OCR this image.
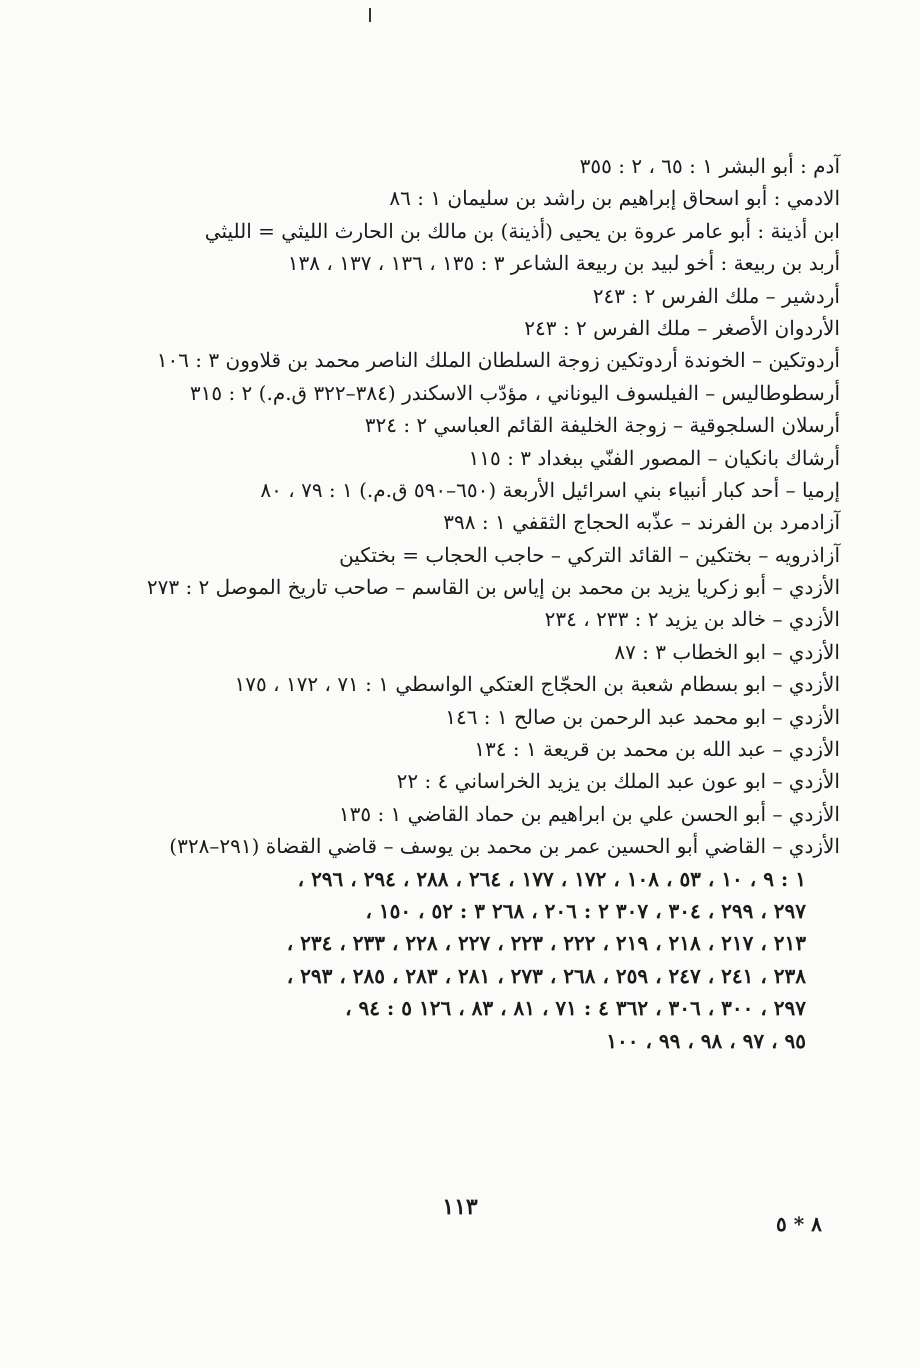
آدم : أبو البشر ١ : ٦٥ ، ٢ : ٣٥٥
الادمي : أبو اسحاق إبراهيم بن راشد بن سليمان ١ : ٨٦
ابن أذينة : أبو عامر عروة بن يحيى (أذينة) بن مالك بن الحارث الليثي = الليثي
أربد بن ربيعة : أخو لبيد بن ربيعة الشاعر ٣ : ١٣٥ ، ١٣٦ ، ١٣٧ ، ١٣٨
أردشير – ملك الفرس ٢ : ٢٤٣
الأردوان الأصغر – ملك الفرس ٢ : ٢٤٣
أردوتكين – الخوندة أردوتكين زوجة السلطان الملك الناصر محمد بن قلاوون ٣ : ١٠٦
أرسطوطاليس – الفيلسوف اليوناني ، مؤدّب الاسكندر (٣٨٤–٣٢٢ ق.م.) ٢ : ٣١٥
أرسلان السلجوقية – زوجة الخليفة القائم العباسي ٢ : ٣٢٤
أرشاك بانكيان – المصور الفنّي ببغداد ٣ : ١١٥
إرميا – أحد كبار أنبياء بني اسرائيل الأربعة (٦٥٠–٥٩٠ ق.م.) ١ : ٧٩ ، ٨٠
آزادمرد بن الفرند – عذّبه الحجاج الثقفي ١ : ٣٩٨
آزاذرويه – بختكين – القائد التركي – حاجب الحجاب = بختكين
الأزدي – أبو زكريا يزيد بن محمد بن إياس بن القاسم – صاحب تاريخ الموصل ٢ : ٢٧٣
الأزدي – خالد بن يزيد ٢ : ٢٣٣ ، ٢٣٤
الأزدي – ابو الخطاب ٣ : ٨٧
الأزدي – ابو بسطام شعبة بن الحجّاج العتكي الواسطي ١ : ٧١ ، ١٧٢ ، ١٧٥
الأزدي – ابو محمد عبد الرحمن بن صالح ١ : ١٤٦
الأزدي – عبد الله بن محمد بن قريعة ١ : ١٣٤
الأزدي – ابو عون عبد الملك بن يزيد الخراساني ٤ : ٢٢
الأزدي – أبو الحسن علي بن ابراهيم بن حماد القاضي ١ : ١٣٥
الأزدي – القاضي أبو الحسين عمر بن محمد بن يوسف – قاضي القضاة (٢٩١–٣٢٨)
١ : ٩ ، ١٠ ، ٥٣ ، ١٠٨ ، ١٧٢ ، ١٧٧ ، ٢٦٤ ، ٢٨٨ ، ٢٩٤ ، ٢٩٦ ،
٢٩٧ ، ٢٩٩ ، ٣٠٤ ، ٣٠٧ ٢ : ٢٠٦ ، ٢٦٨ ٣ : ٥٢ ، ١٥٠ ،
٢١٣ ، ٢١٧ ، ٢١٨ ، ٢١٩ ، ٢٢٢ ، ٢٢٣ ، ٢٢٧ ، ٢٢٨ ، ٢٣٣ ، ٢٣٤ ،
٢٣٨ ، ٢٤١ ، ٢٤٧ ، ٢٥٩ ، ٢٦٨ ، ٢٧٣ ، ٢٨١ ، ٢٨٣ ، ٢٨٥ ، ٢٩٣ ،
٢٩٧ ، ٣٠٠ ، ٣٠٦ ، ٣٦٢ ٤ : ٧١ ، ٨١ ، ٨٣ ، ١٢٦ ٥ : ٩٤ ،
٩٥ ، ٩٧ ، ٩٨ ، ٩٩ ، ١٠٠
١١٣
٨ * ٥
